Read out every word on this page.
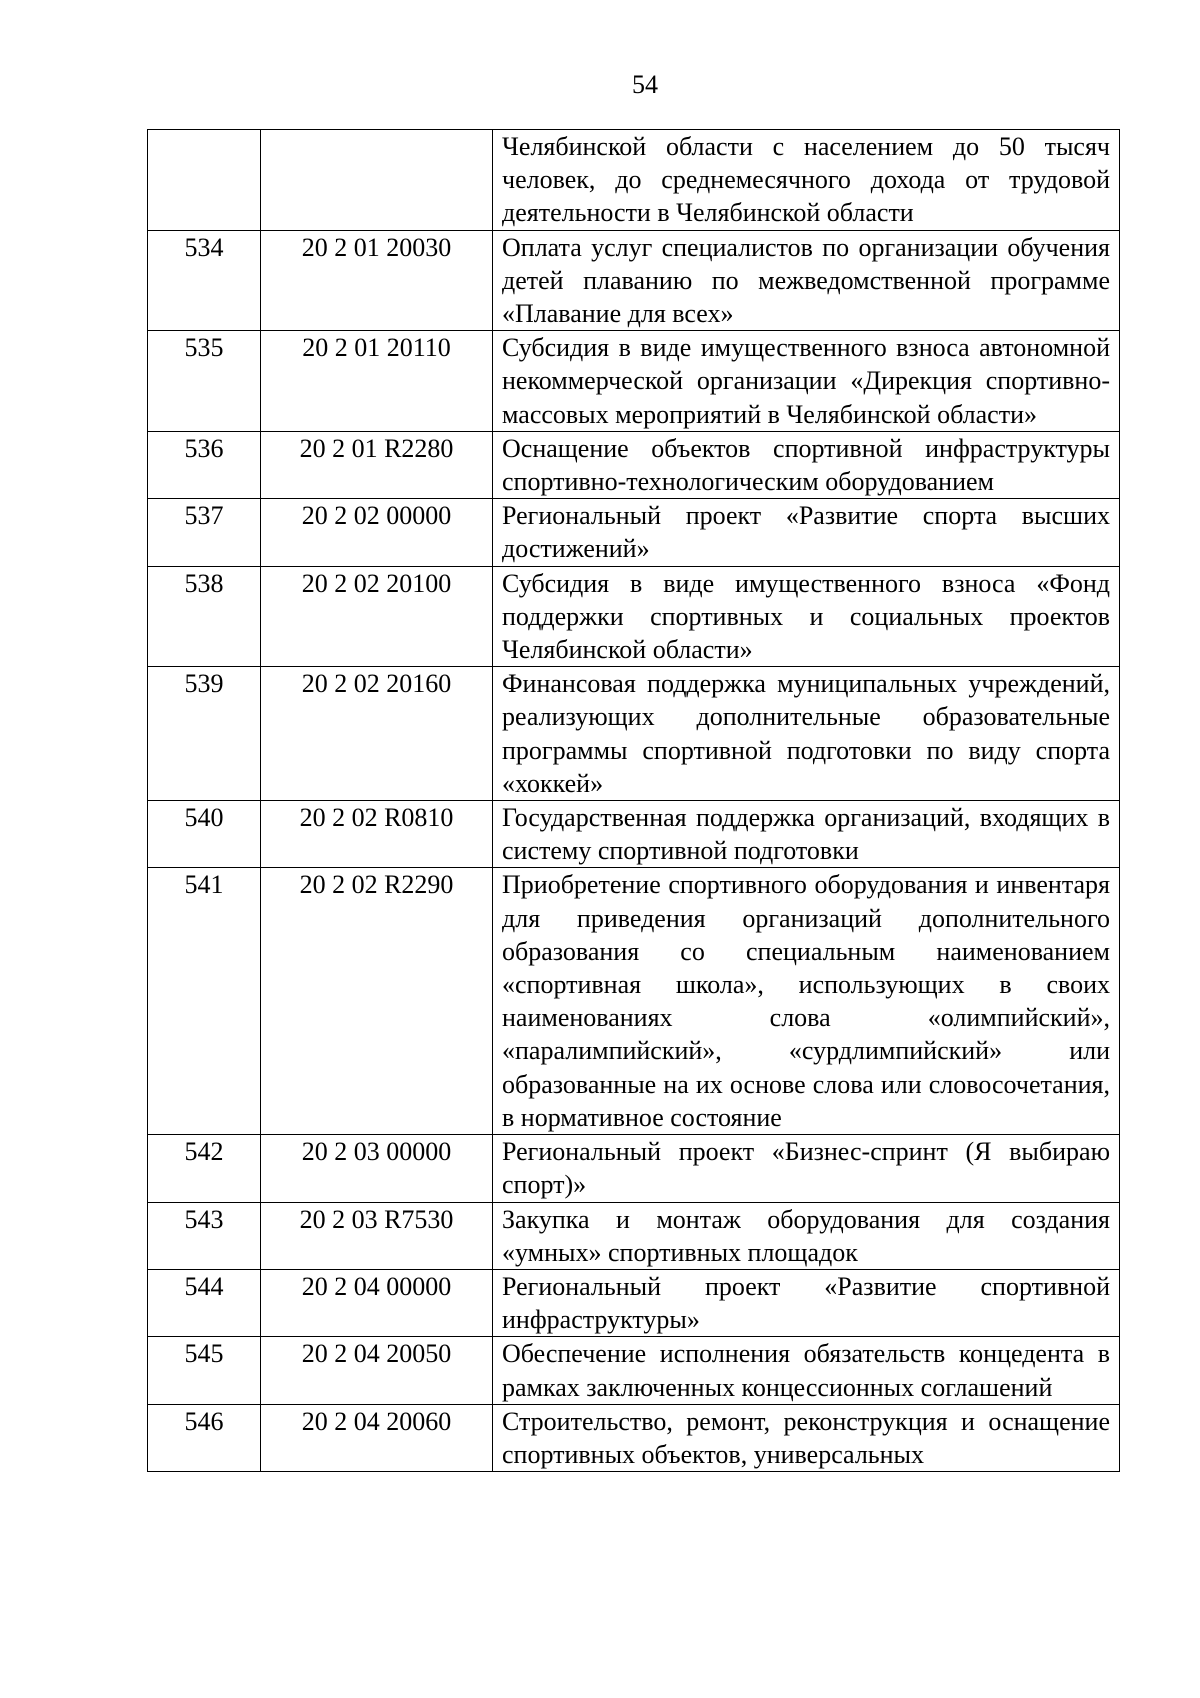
54
		Челябинской области с населением до 50 тысяч человек, до среднемесячного дохода от трудовой деятельности в Челябинской области
534	20 2 01 20030	Оплата услуг специалистов по организации обучения детей плаванию по межведомственной программе «Плавание для всех»
535	20 2 01 20110	Субсидия в виде имущественного взноса автономной некоммерческой организации «Дирекция спортивно-массовых мероприятий в Челябинской области»
536	20 2 01 R2280	Оснащение объектов спортивной инфраструктуры спортивно-технологическим оборудованием
537	20 2 02 00000	Региональный проект «Развитие спорта высших достижений»
538	20 2 02 20100	Субсидия в виде имущественного взноса «Фонд поддержки спортивных и социальных проектов Челябинской области»
539	20 2 02 20160	Финансовая поддержка муниципальных учреждений, реализующих дополнительные образовательные программы спортивной подготовки по виду спорта «хоккей»
540	20 2 02 R0810	Государственная поддержка организаций, входящих в систему спортивной подготовки
541	20 2 02 R2290	Приобретение спортивного оборудования и инвентаря для приведения организаций дополнительного образования со специальным наименованием «спортивная школа», использующих в своих наименованиях слова «олимпийский», «паралимпийский», «сурдлимпийский» или образованные на их основе слова или словосочетания, в нормативное состояние
542	20 2 03 00000	Региональный проект «Бизнес-спринт (Я выбираю спорт)»
543	20 2 03 R7530	Закупка и монтаж оборудования для создания «умных» спортивных площадок
544	20 2 04 00000	Региональный проект «Развитие спортивной инфраструктуры»
545	20 2 04 20050	Обеспечение исполнения обязательств концедента в рамках заключенных концессионных соглашений
546	20 2 04 20060	Строительство, ремонт, реконструкция и оснащение спортивных объектов, универсальных
